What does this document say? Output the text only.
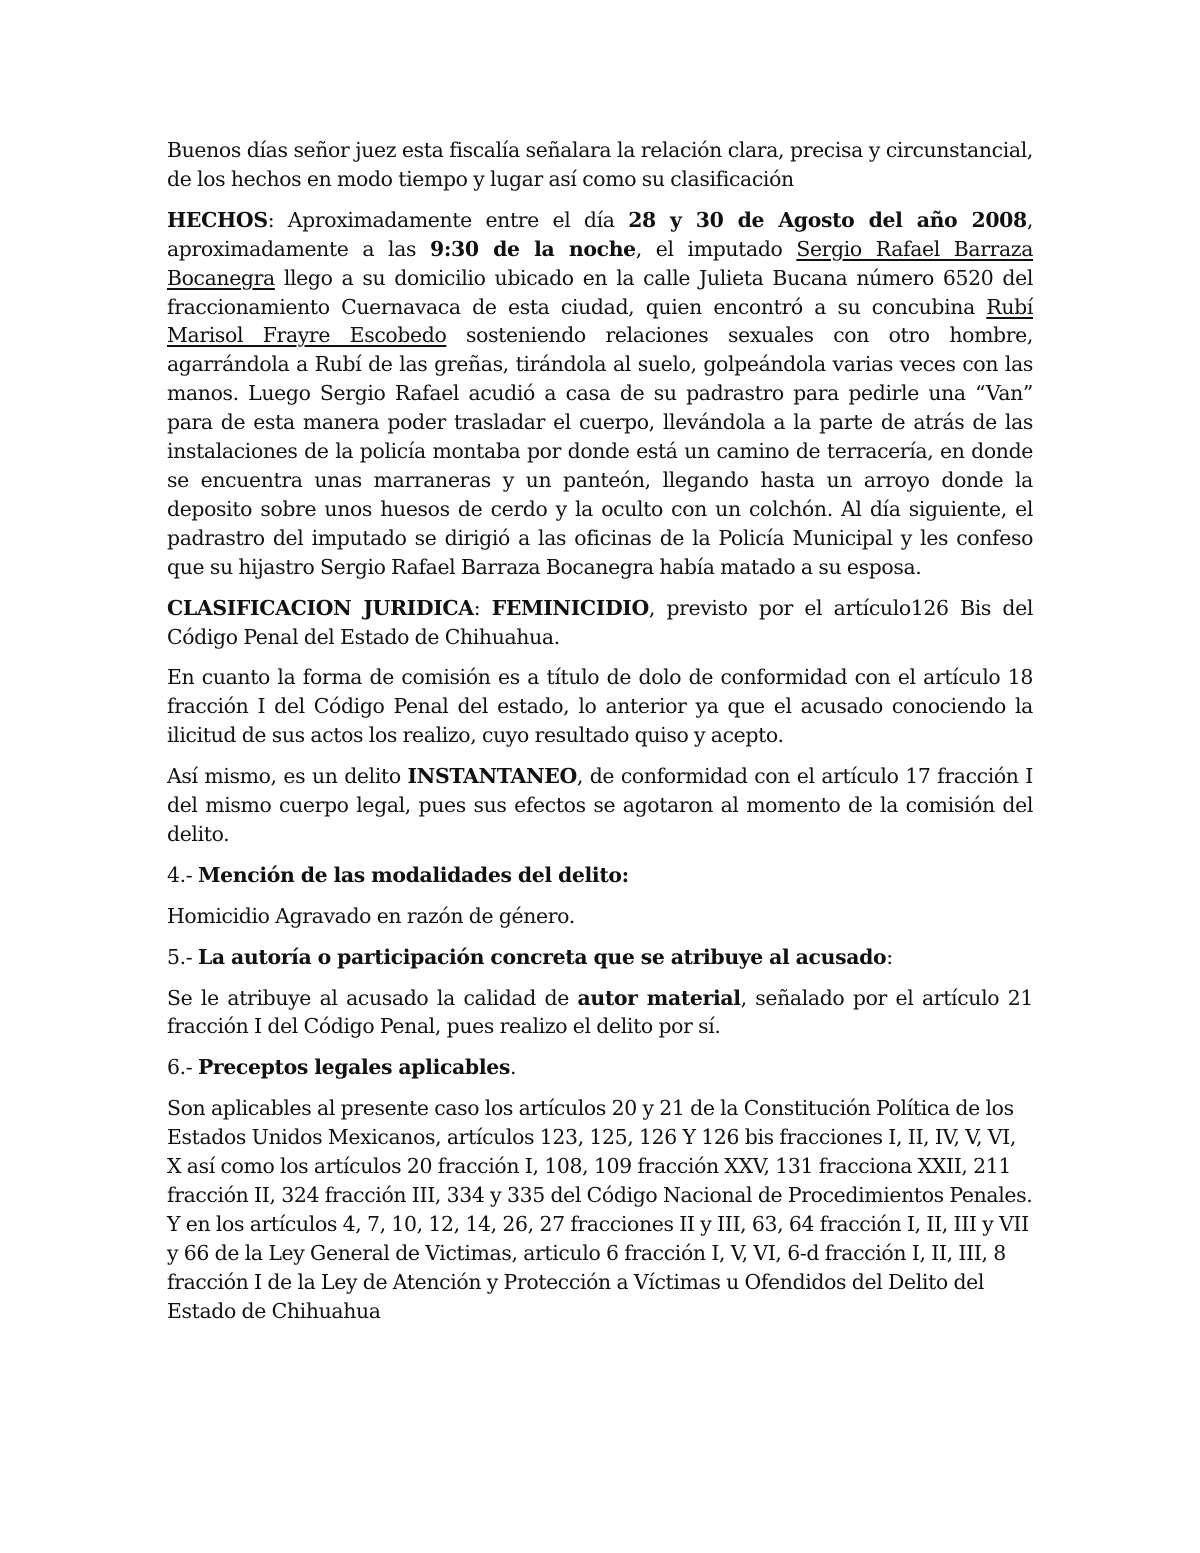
Buenos días señor juez esta fiscalía señalara la relación clara, precisa y circunstancial, de los hechos en modo tiempo y lugar así como su clasificación

HECHOS: Aproximadamente entre el día 28 y 30 de Agosto del año 2008, aproximadamente a las 9:30 de la noche, el imputado Sergio Rafael Barraza Bocanegra llego a su domicilio ubicado en la calle Julieta Bucana número 6520 del fraccionamiento Cuernavaca de esta ciudad, quien encontró a su concubina Rubí Marisol Frayre Escobedo sosteniendo relaciones sexuales con otro hombre, agarrándola a Rubí de las greñas, tirándola al suelo, golpeándola varias veces con las manos. Luego Sergio Rafael acudió a casa de su padrastro para pedirle una “Van” para de esta manera poder trasladar el cuerpo, llevándola a la parte de atrás de las instalaciones de la policía montaba por donde está un camino de terracería, en donde se encuentra unas marraneras y un panteón, llegando hasta un arroyo donde la deposito sobre unos huesos de cerdo y la oculto con un colchón. Al día siguiente, el padrastro del imputado se dirigió a las oficinas de la Policía Municipal y les confeso que su hijastro Sergio Rafael Barraza Bocanegra había matado a su esposa.

CLASIFICACION JURIDICA: FEMINICIDIO, previsto por el artículo126 Bis del Código Penal del Estado de Chihuahua.

En cuanto la forma de comisión es a título de dolo de conformidad con el artículo 18 fracción I del Código Penal del estado, lo anterior ya que el acusado conociendo la ilicitud de sus actos los realizo, cuyo resultado quiso y acepto.

Así mismo, es un delito INSTANTANEO, de conformidad con el artículo 17 fracción I del mismo cuerpo legal, pues sus efectos se agotaron al momento de la comisión del delito.

4.- Mención de las modalidades del delito:

Homicidio Agravado en razón de género.

5.- La autoría o participación concreta que se atribuye al acusado:

Se le atribuye al acusado la calidad de autor material, señalado por el artículo 21 fracción I del Código Penal, pues realizo el delito por sí.

6.- Preceptos legales aplicables.

Son aplicables al presente caso los artículos 20 y 21 de la Constitución Política de los Estados Unidos Mexicanos, artículos 123, 125, 126 Y 126 bis fracciones I, II, IV, V, VI, X así como los artículos 20 fracción I, 108, 109 fracción XXV, 131 fracciona XXII, 211 fracción II, 324 fracción III, 334 y 335 del Código Nacional de Procedimientos Penales. Y en los artículos 4, 7, 10, 12, 14, 26, 27 fracciones II y III, 63, 64 fracción I, II, III y VII y 66 de la Ley General de Victimas, articulo 6 fracción I, V, VI, 6-d fracción I, II, III, 8 fracción I de la Ley de Atención y Protección a Víctimas u Ofendidos del Delito del Estado de Chihuahua
